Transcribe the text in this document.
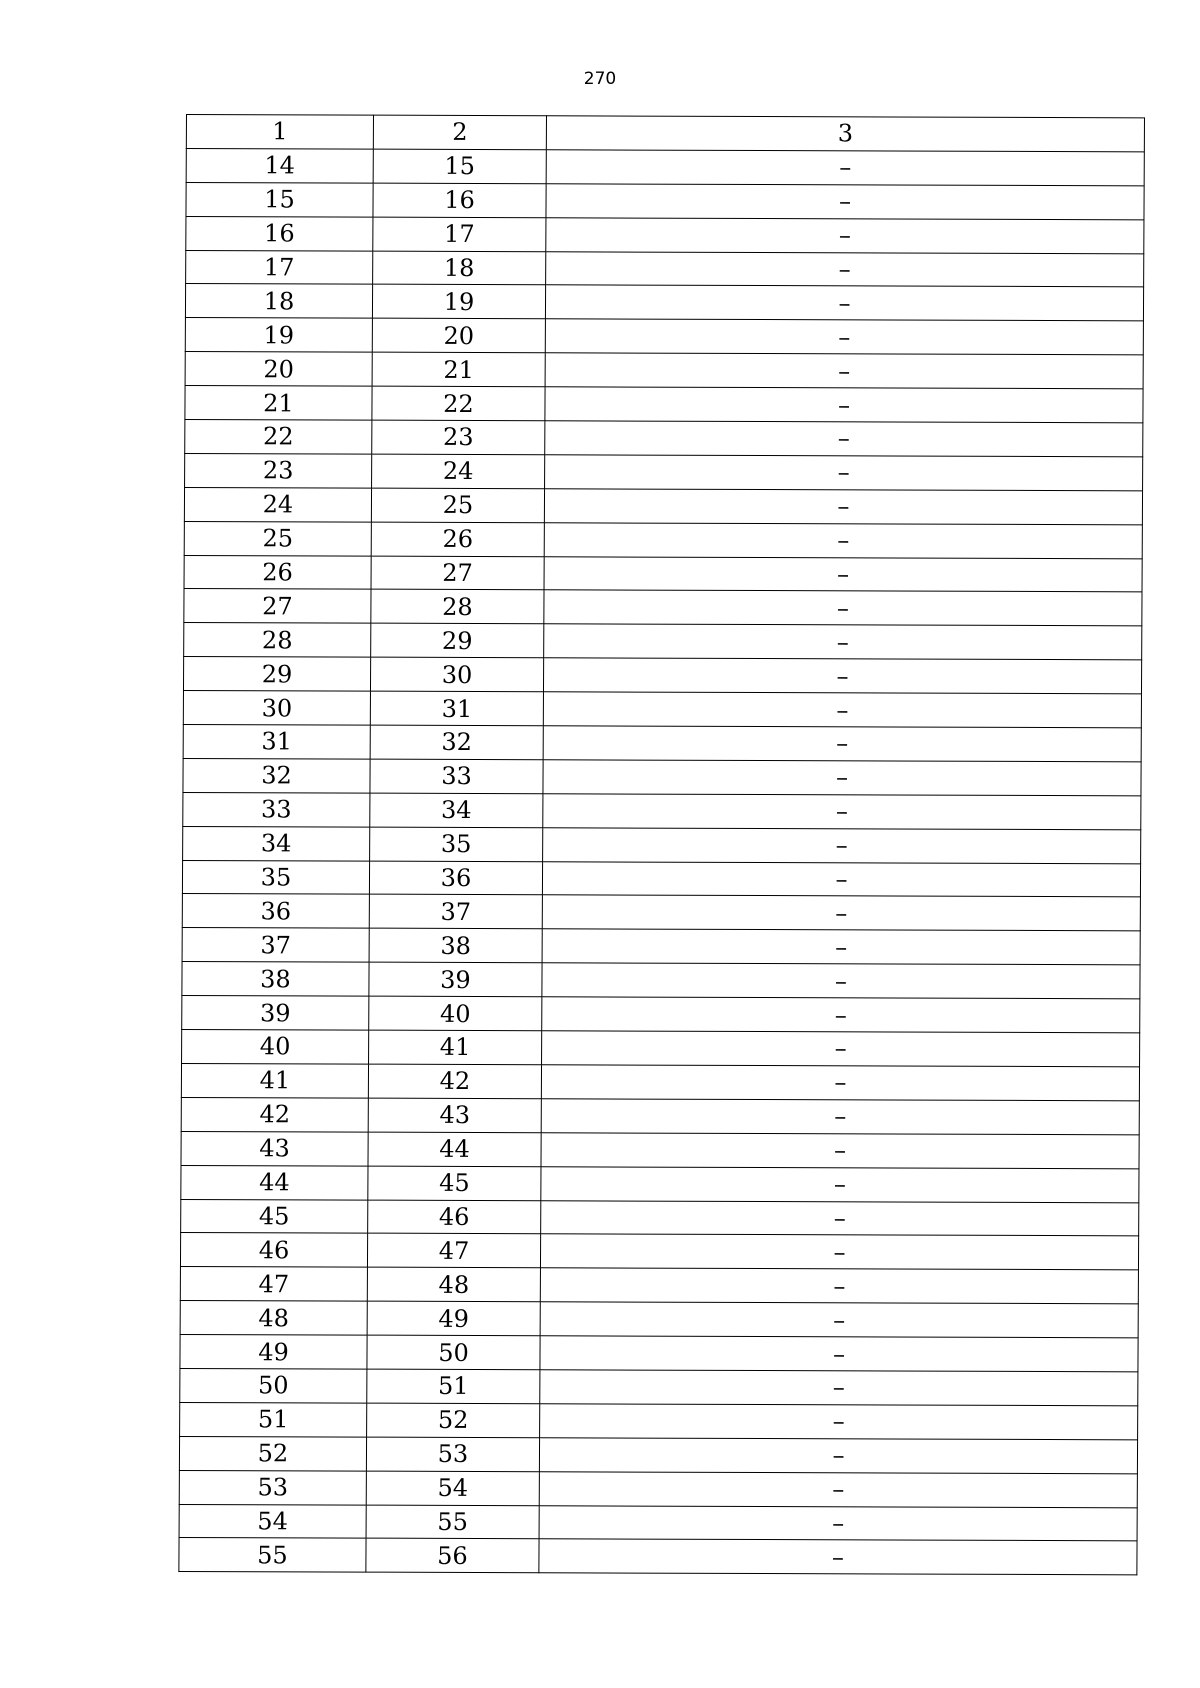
270
1	2	3
14	15	–
15	16	–
16	17	–
17	18	–
18	19	–
19	20	–
20	21	–
21	22	–
22	23	–
23	24	–
24	25	–
25	26	–
26	27	–
27	28	–
28	29	–
29	30	–
30	31	–
31	32	–
32	33	–
33	34	–
34	35	–
35	36	–
36	37	–
37	38	–
38	39	–
39	40	–
40	41	–
41	42	–
42	43	–
43	44	–
44	45	–
45	46	–
46	47	–
47	48	–
48	49	–
49	50	–
50	51	–
51	52	–
52	53	–
53	54	–
54	55	–
55	56	–
